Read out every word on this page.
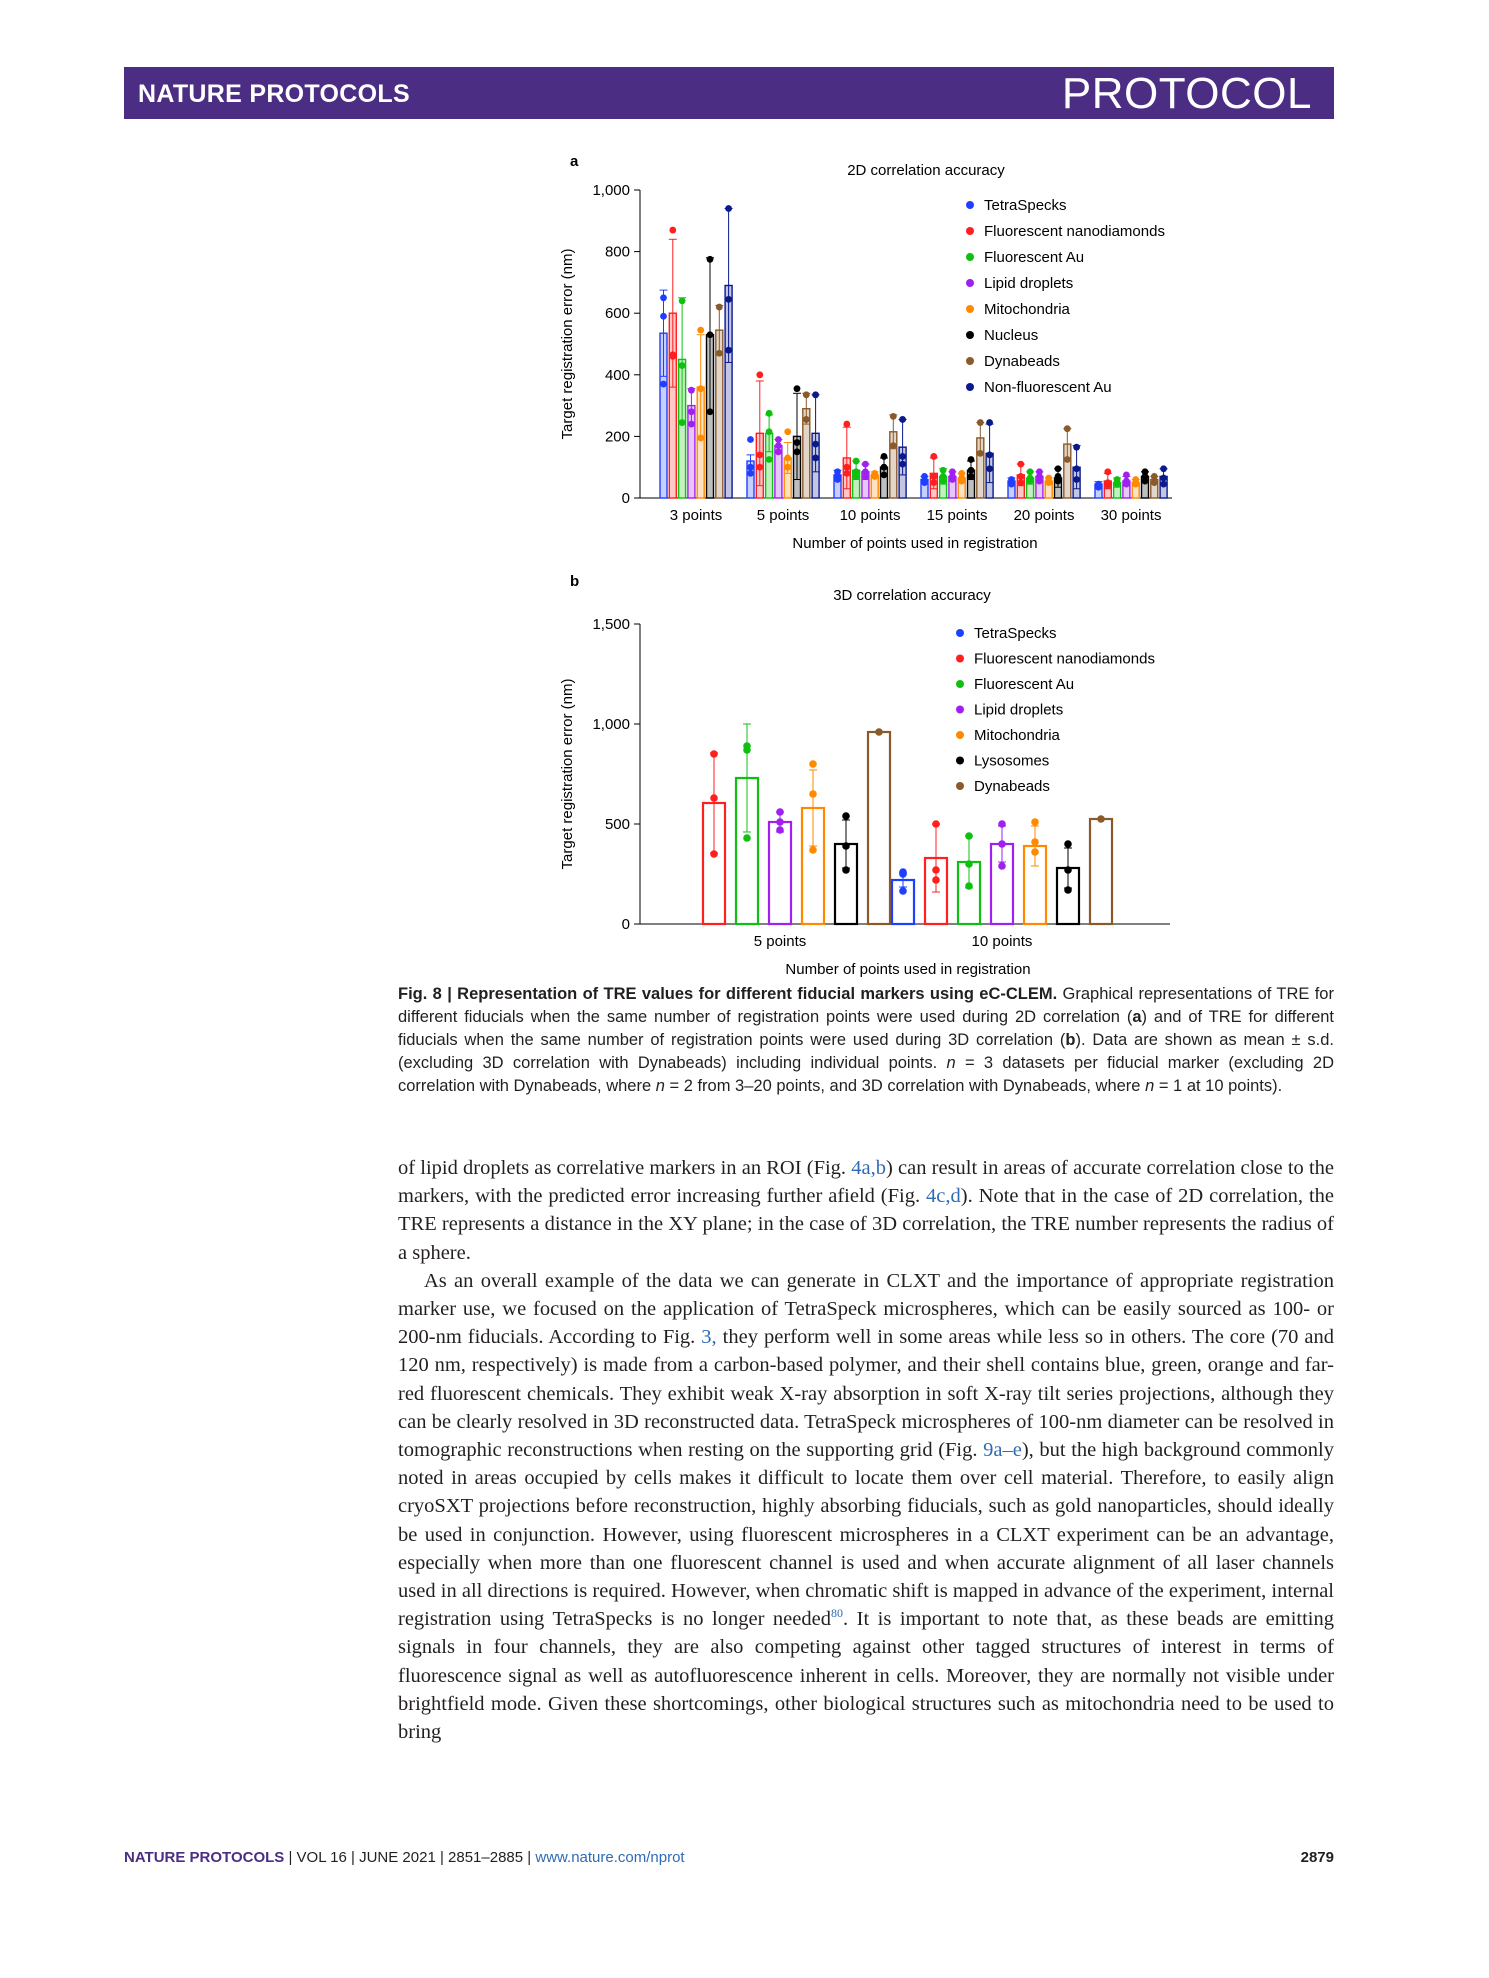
NATURE PROTOCOLS	PROTOCOL
a
2D correlation accuracy
1,000
800
600
400
200
0
Target registration error (nm)
3 points 5 points 10 points 15 points 20 points 30 points
Number of points used in registration
TetraSpecks
Fluorescent nanodiamonds
Fluorescent Au
Lipid droplets
Mitochondria
Nucleus
Dynabeads
Non-fluorescent Au
b
3D correlation accuracy
1,500
1,000
500
0
Target registration error (nm)
5 points	10 points
Number of points used in registration
TetraSpecks
Fluorescent nanodiamonds
Fluorescent Au
Lipid droplets
Mitochondria
Lysosomes
Dynabeads
Fig. 8 | Representation of TRE values for different fiducial markers using eC-CLEM. Graphical representations of TRE for different fiducials when the same number of registration points were used during 2D correlation (a) and of TRE for different fiducials when the same number of registration points were used during 3D correlation (b). Data are shown as mean ± s.d. (excluding 3D correlation with Dynabeads) including individual points. n = 3 datasets per fiducial marker (excluding 2D correlation with Dynabeads, where n = 2 from 3–20 points, and 3D correlation with Dynabeads, where n = 1 at 10 points).

of lipid droplets as correlative markers in an ROI (Fig. 4a,b) can result in areas of accurate correlation close to the markers, with the predicted error increasing further afield (Fig. 4c,d). Note that in the case of 2D correlation, the TRE represents a distance in the XY plane; in the case of 3D correlation, the TRE number represents the radius of a sphere.

As an overall example of the data we can generate in CLXT and the importance of appropriate registration marker use, we focused on the application of TetraSpeck microspheres, which can be easily sourced as 100- or 200-nm fiducials. According to Fig. 3, they perform well in some areas while less so in others. The core (70 and 120 nm, respectively) is made from a carbon-based polymer, and their shell contains blue, green, orange and far-red fluorescent chemicals. They exhibit weak X-ray absorption in soft X-ray tilt series projections, although they can be clearly resolved in 3D reconstructed data. TetraSpeck microspheres of 100-nm diameter can be resolved in tomographic reconstructions when resting on the supporting grid (Fig. 9a–e), but the high background commonly noted in areas occupied by cells makes it difficult to locate them over cell material. Therefore, to easily align cryoSXT projections before reconstruction, highly absorbing fiducials, such as gold nanoparticles, should ideally be used in conjunction. However, using fluorescent microspheres in a CLXT experiment can be an advantage, especially when more than one fluorescent channel is used and when accurate alignment of all laser channels used in all directions is required. However, when chromatic shift is mapped in advance of the experiment, internal registration using TetraSpecks is no longer needed$^{80}$. It is important to note that, as these beads are emitting signals in four channels, they are also competing against other tagged structures of interest in terms of fluorescence signal as well as autofluorescence inherent in cells. Moreover, they are normally not visible under brightfield mode. Given these shortcomings, other biological structures such as mitochondria need to be used to bring

NATURE PROTOCOLS | VOL 16 | JUNE 2021 | 2851–2885 | www.nature.com/nprot	2879
